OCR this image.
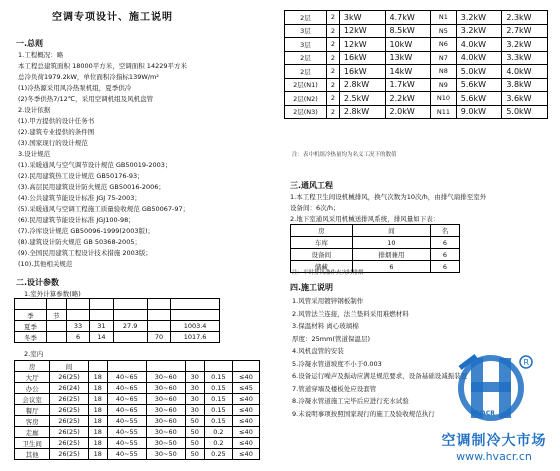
空调专项设计、施工说明
一.总则
1.工程概况：略
本工程总建筑面积 18000平方米，空调面积 14229平方米
总冷负荷1979.2kW，单位面积冷指标139W/m²
(1)冷热源采用风冷热泵机组，夏季供冷
(2)冬季供热7/12℃，采用空调机组及风机盘管
2.设计依据
(1).甲方提供的设计任务书
(2).建筑专业提供的条件图
(3).国家现行的设计规范
3.设计规范
(1).采暖通风与空气调节设计规范 GB50019-2003；
(2).民用建筑热工设计规范 GB50176-93；
(3).高层民用建筑设计防火规范 GB50016-2006；
(4).公共建筑节能设计标准 JGJ 75-2003；
(5).采暖通风与空调工程施工质量验收规范 GB50067-97；
(6).民用建筑节能设计标准 JGJ100-98；
(7).冷库设计规范 GB50096-1999(2003版)；
(8).建筑设计防火规范 GB 50368-2005；
(9).全国民用建筑工程设计技术措施 2003版；
(10).其他相关规范
二.设计参数
1.室外计算参数(略)

季	节					
夏季		33	31	27.9		1003.4
冬季		6	14		70	1017.6
2.室内
房	间						
大厅	26(25)	18	40~65	30~60	30	0.15	≤40
办公	26(24)	18	40~65	30~60	30	0.15	≤45
会议室	26(25)	18	40~65	30~60	30	0.15	≤40
餐厅	26(25)	18	40~65	30~60	30	0.15	≤40
客房	26(25)	18	40~55	30~60	50	0.15	≤40
走廊	26(25)	18	40~55	30~60	50	0.2	≤40
卫生间	26(25)	18	40~55	30~50	50	0.2	≤40
其他	26(25)	18	40~55	30~50	50	0.25	≤40
2层	2	3kW	4.7kW	N1	3.2kW	2.3kW
3层	2	12kW	8.5kW	N5	3.2kW	2.7kW
3层	2	12kW	10kW	N6	4.0kW	3.2kW
2层	2	16kW	13kW	N7	4.0kW	3.3kW
2层	2	16kW	14kW	N8	5.0kW	4.0kW
2层(N1)	2	2.8kW	1.7kW	N9	5.6kW	3.8kW
2层(N2)	2	2.5kW	2.2kW	N10	5.6kW	3.6kW
2层(N3)	2	2.8kW	2.0kW	N11	9.0kW	5.0kW
注：表中机组冷热量均为名义工况下的数值
三.通风工程
1.本工程卫生间设机械排风，换气次数为10次/h，由排气扇排至室外
设备间：6次/h；
2.地下室通风采用机械送排风系统，排风量如下表：
房	间	名
车库	10	6
设备间	排烟兼用	6
储藏	6	6
注：平时排风兼作火灾时排烟
四.施工说明
1.风管采用镀锌钢板制作
2.风管法兰连接，法兰垫料采用难燃材料
3.保温材料 离心玻璃棉
厚度：25mm(管道保温层)
4.风机盘管的安装
5.冷凝水管道坡度不小于0.003
6.设备运行噪声及振动应满足规范要求，设备基础设减振装置
7.管道穿墙及楼板处应设套管
8.冷凝水管道施工完毕后应进行充水试验
9.未说明事项按照国家现行的施工及验收规范执行
R
HVACR
空调制冷大市场
www.hvacr.cn
